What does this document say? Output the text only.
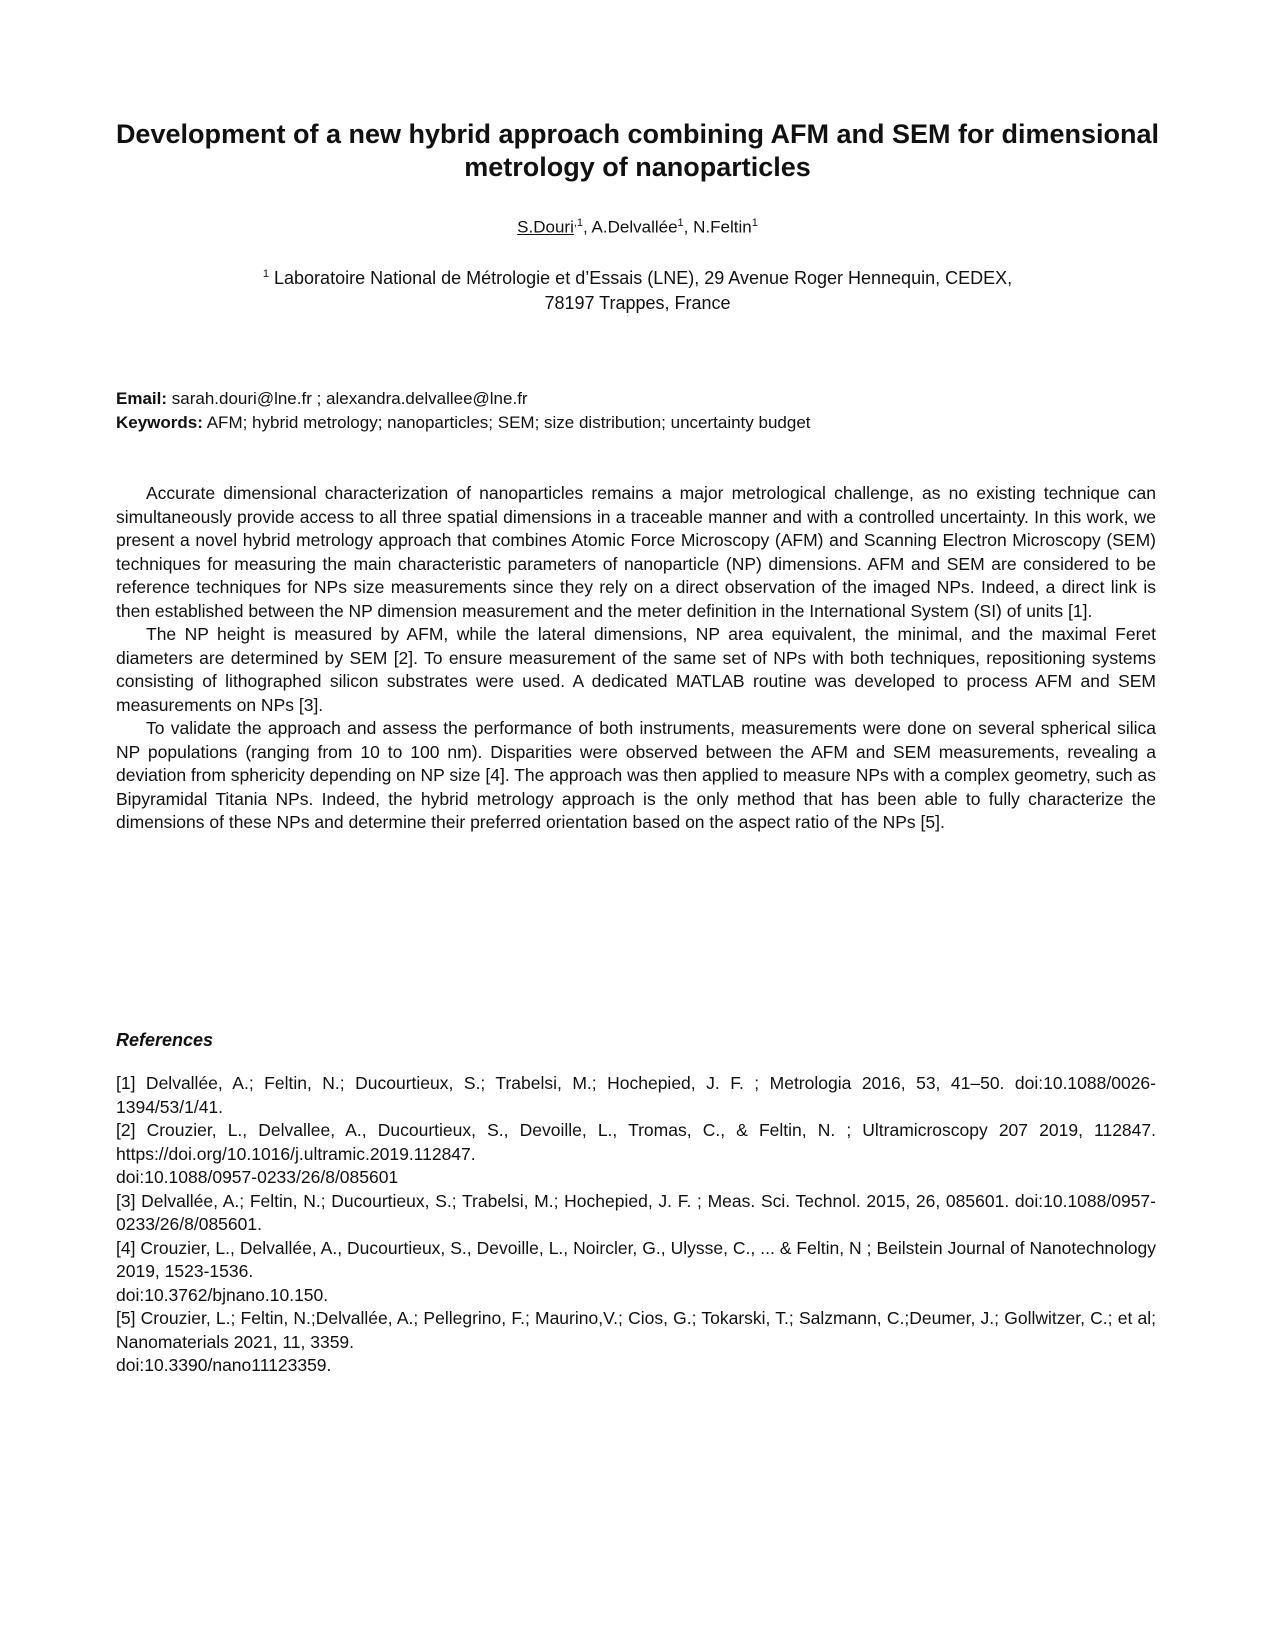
Development of a new hybrid approach combining AFM and SEM for dimensional metrology of nanoparticles
S.Douri$^{,1}$, A.Delvallée$^1$, N.Feltin$^1$
$^1$ Laboratoire National de Métrologie et d’Essais (LNE), 29 Avenue Roger Hennequin, CEDEX,
78197 Trappes, France
Email: sarah.douri@lne.fr ; alexandra.delvallee@lne.fr
Keywords: AFM; hybrid metrology; nanoparticles; SEM; size distribution; uncertainty budget

Accurate dimensional characterization of nanoparticles remains a major metrological challenge, as no existing technique can simultaneously provide access to all three spatial dimensions in a traceable manner and with a controlled uncertainty. In this work, we present a novel hybrid metrology approach that combines Atomic Force Microscopy (AFM) and Scanning Electron Microscopy (SEM) techniques for measuring the main characteristic parameters of nanoparticle (NP) dimensions. AFM and SEM are considered to be reference techniques for NPs size measurements since they rely on a direct observation of the imaged NPs. Indeed, a direct link is then established between the NP dimension measurement and the meter definition in the International System (SI) of units [1].

The NP height is measured by AFM, while the lateral dimensions, NP area equivalent, the minimal, and the maximal Feret diameters are determined by SEM [2]. To ensure measurement of the same set of NPs with both techniques, repositioning systems consisting of lithographed silicon substrates were used. A dedicated MATLAB routine was developed to process AFM and SEM measurements on NPs [3].

To validate the approach and assess the performance of both instruments, measurements were done on several spherical silica NP populations (ranging from 10 to 100 nm). Disparities were observed between the AFM and SEM measurements, revealing a deviation from sphericity depending on NP size [4]. The approach was then applied to measure NPs with a complex geometry, such as Bipyramidal Titania NPs. Indeed, the hybrid metrology approach is the only method that has been able to fully characterize the dimensions of these NPs and determine their preferred orientation based on the aspect ratio of the NPs [5].

References
[1] Delvallée, A.; Feltin, N.; Ducourtieux, S.; Trabelsi, M.; Hochepied, J. F. ; Metrologia 2016, 53, 41–50. doi:10.1088/0026-1394/53/1/41.
[2] Crouzier, L., Delvallee, A., Ducourtieux, S., Devoille, L., Tromas, C., & Feltin, N. ; Ultramicroscopy 207 2019, 112847. https://doi.org/10.1016/j.ultramic.2019.112847.
doi:10.1088/0957-0233/26/8/085601
[3] Delvallée, A.; Feltin, N.; Ducourtieux, S.; Trabelsi, M.; Hochepied, J. F. ; Meas. Sci. Technol. 2015, 26, 085601. doi:10.1088/0957-0233/26/8/085601.
[4] Crouzier, L., Delvallée, A., Ducourtieux, S., Devoille, L., Noircler, G., Ulysse, C., ... & Feltin, N ; Beilstein Journal of Nanotechnology 2019, 1523-1536.
doi:10.3762/bjnano.10.150.
[5] Crouzier, L.; Feltin, N.;Delvallée, A.; Pellegrino, F.; Maurino,V.; Cios, G.; Tokarski, T.; Salzmann, C.;Deumer, J.; Gollwitzer, C.; et al; Nanomaterials 2021, 11, 3359.
doi:10.3390/nano11123359.
